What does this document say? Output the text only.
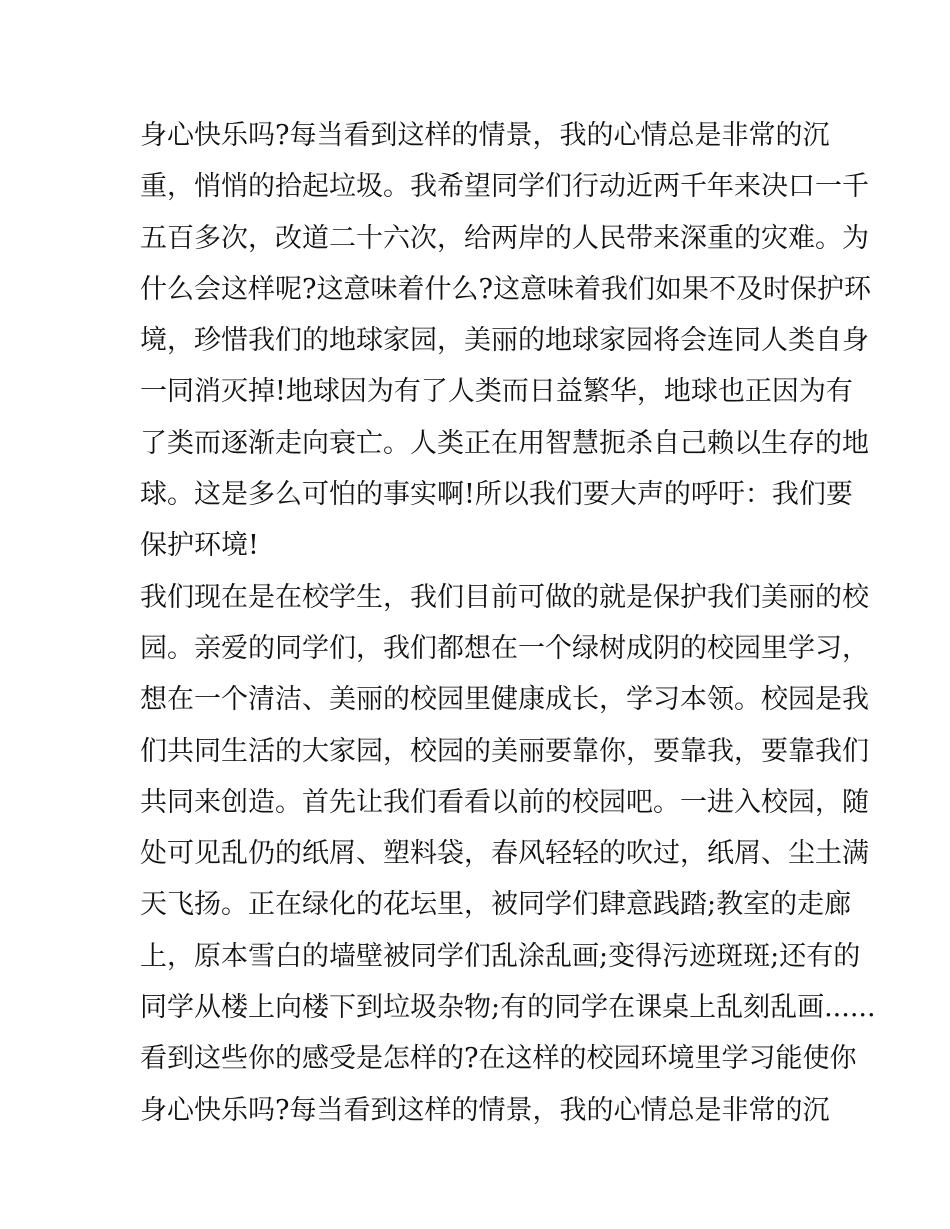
身心快乐吗?每当看到这样的情景，我的心情总是非常的沉
重，悄悄的拾起垃圾。我希望同学们行动近两千年来决口一千
五百多次，改道二十六次，给两岸的人民带来深重的灾难。为
什么会这样呢?这意味着什么?这意味着我们如果不及时保护环
境，珍惜我们的地球家园，美丽的地球家园将会连同人类自身
一同消灭掉!地球因为有了人类而日益繁华，地球也正因为有
了类而逐渐走向衰亡。人类正在用智慧扼杀自己赖以生存的地
球。这是多么可怕的事实啊!所以我们要大声的呼吁：我们要
保护环境!
我们现在是在校学生，我们目前可做的就是保护我们美丽的校
园。亲爱的同学们，我们都想在一个绿树成阴的校园里学习，
想在一个清洁、美丽的校园里健康成长，学习本领。校园是我
们共同生活的大家园，校园的美丽要靠你，要靠我，要靠我们
共同来创造。首先让我们看看以前的校园吧。一进入校园，随
处可见乱仍的纸屑、塑料袋，春风轻轻的吹过，纸屑、尘土满
天飞扬。正在绿化的花坛里，被同学们肆意践踏;教室的走廊
上，原本雪白的墙壁被同学们乱涂乱画;变得污迹斑斑;还有的
同学从楼上向楼下到垃圾杂物;有的同学在课桌上乱刻乱画......
看到这些你的感受是怎样的?在这样的校园环境里学习能使你
身心快乐吗?每当看到这样的情景，我的心情总是非常的沉
